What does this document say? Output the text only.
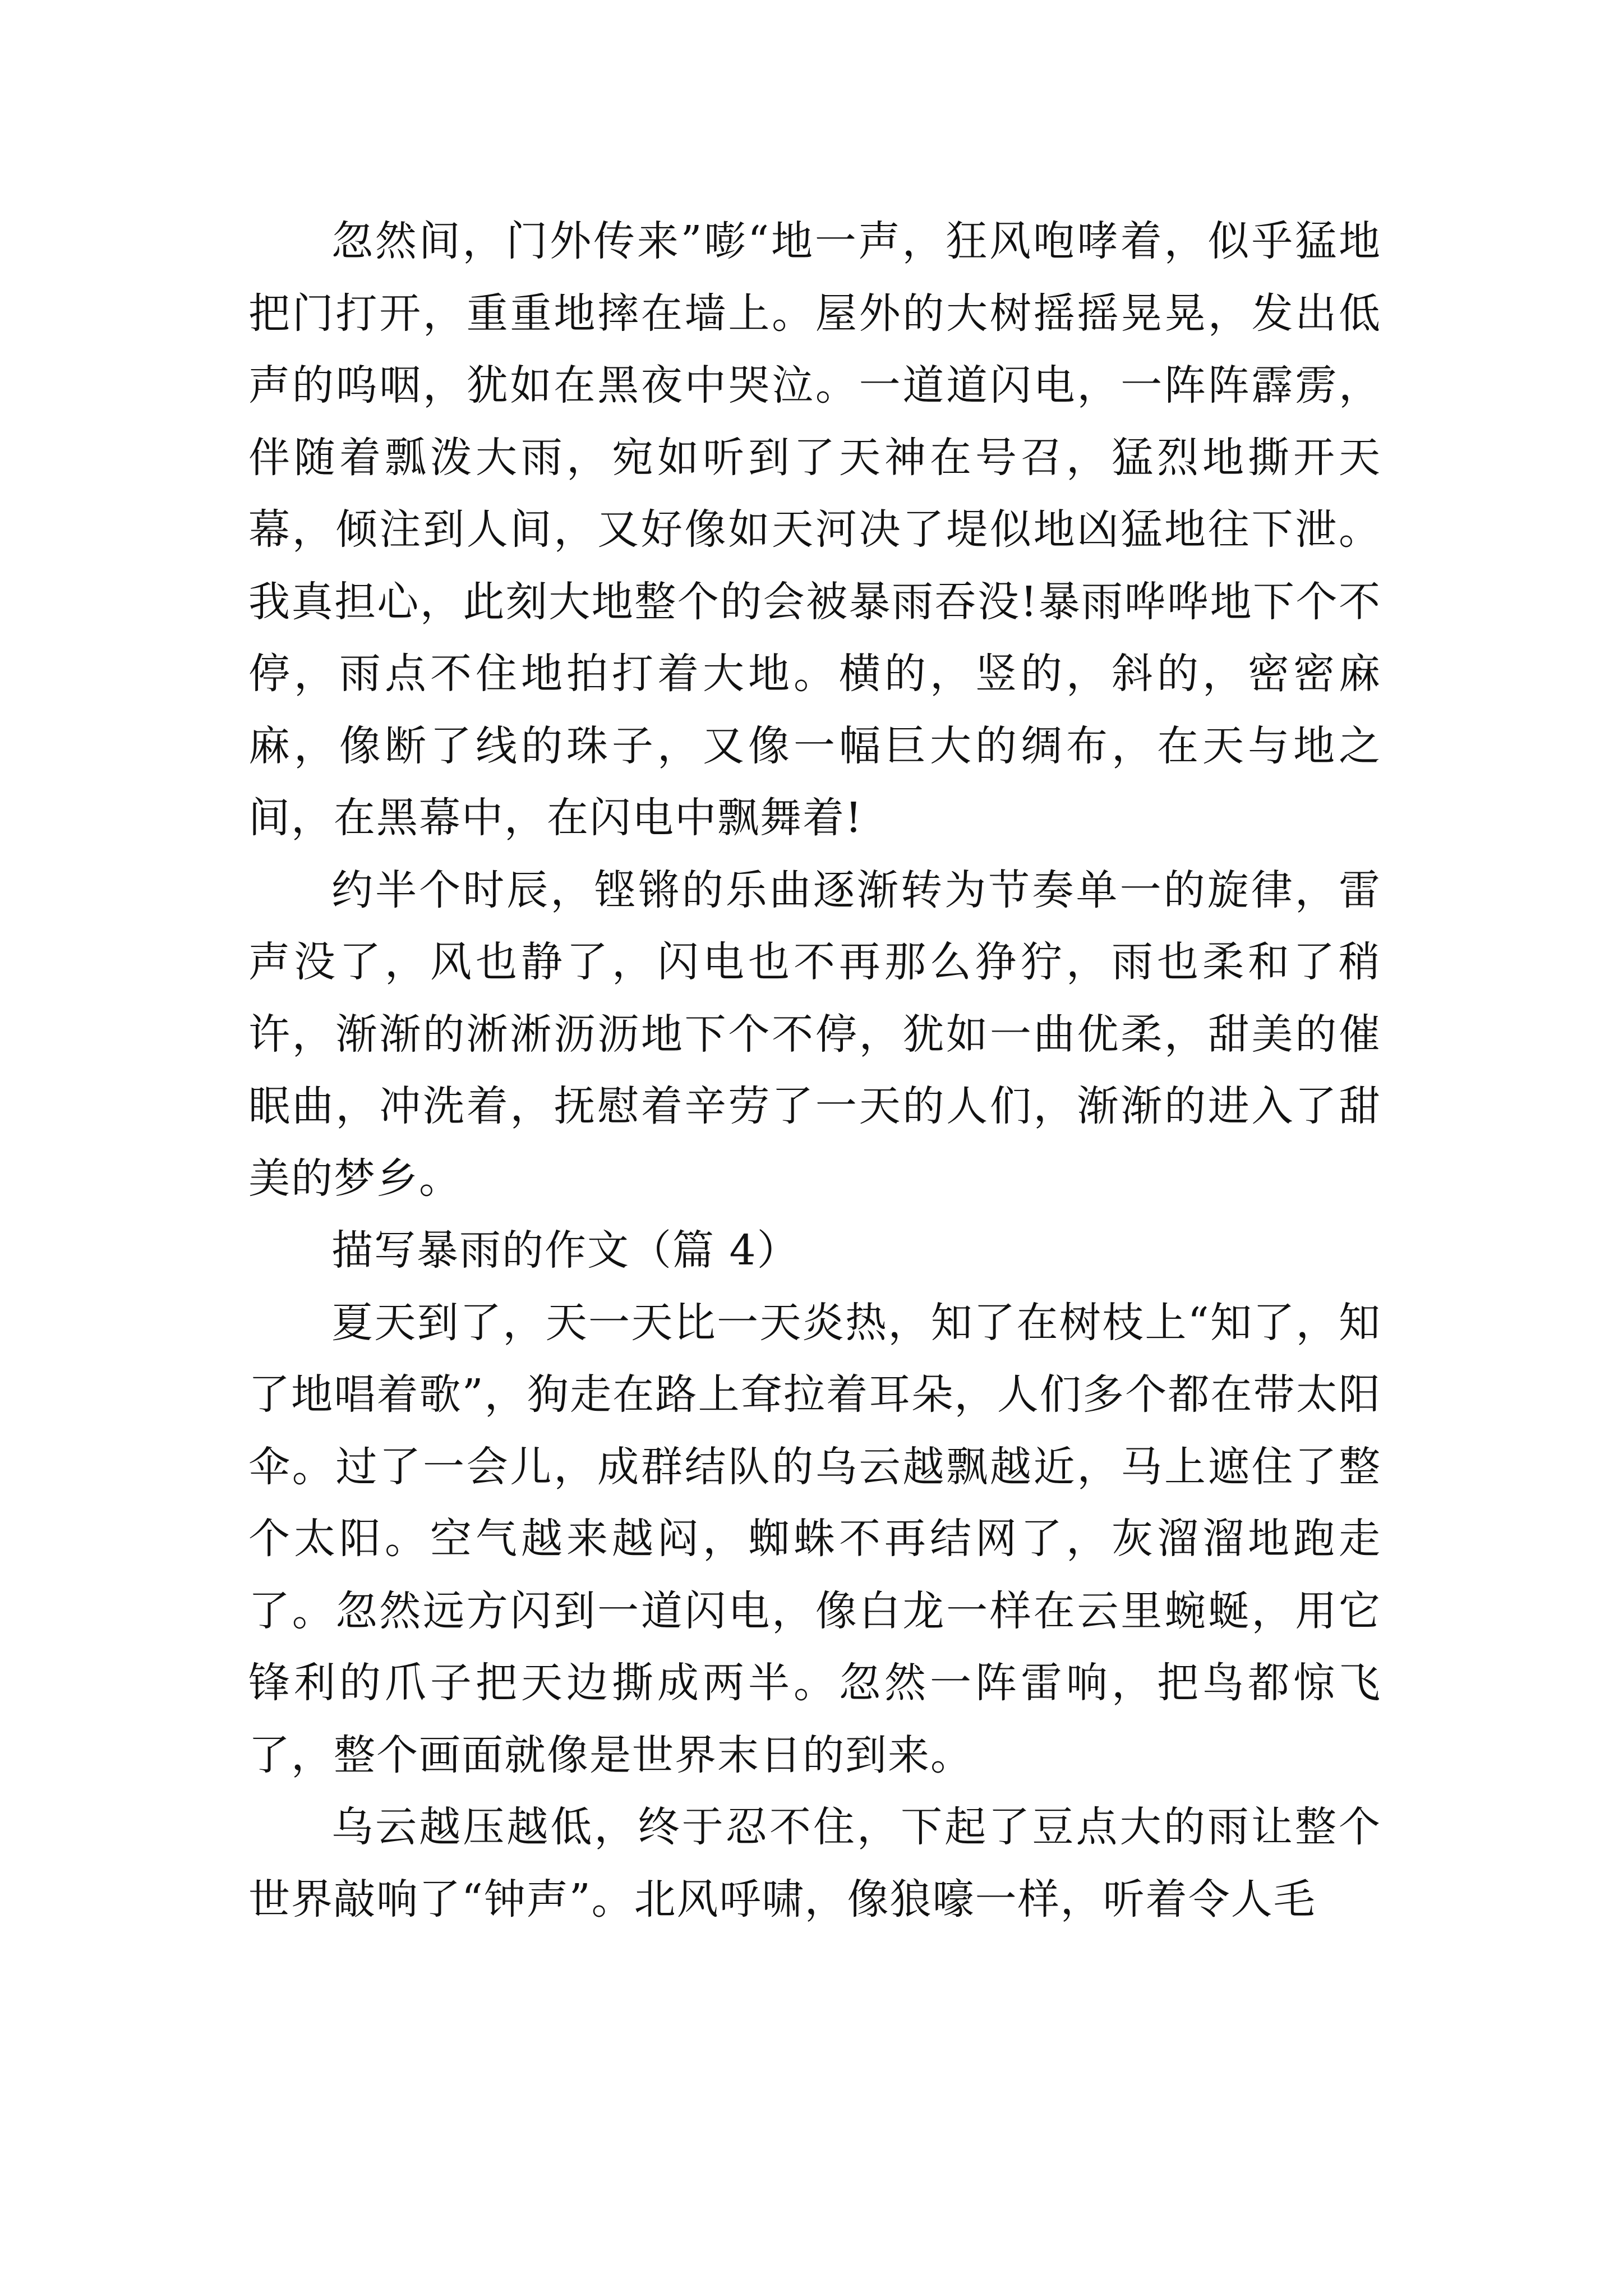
忽然间，门外传来”嘭“地一声，狂风咆哮着，似乎猛地把门打开，重重地摔在墙上。屋外的大树摇摇晃晃，发出低声的呜咽，犹如在黑夜中哭泣。一道道闪电，一阵阵霹雳，伴随着瓢泼大雨，宛如听到了天神在号召，猛烈地撕开天幕，倾注到人间，又好像如天河决了堤似地凶猛地往下泄。我真担心，此刻大地整个的会被暴雨吞没!暴雨哗哗地下个不停，雨点不住地拍打着大地。横的，竖的，斜的，密密麻麻，像断了线的珠子，又像一幅巨大的绸布，在天与地之间，在黑幕中，在闪电中飘舞着!

约半个时辰，铿锵的乐曲逐渐转为节奏单一的旋律，雷声没了，风也静了，闪电也不再那么狰狞，雨也柔和了稍许，渐渐的淅淅沥沥地下个不停，犹如一曲优柔，甜美的催眠曲，冲洗着，抚慰着辛劳了一天的人们，渐渐的进入了甜美的梦乡。

描写暴雨的作文（篇 4）

夏天到了，天一天比一天炎热，知了在树枝上“知了，知了地唱着歌”，狗走在路上耷拉着耳朵，人们多个都在带太阳伞。过了一会儿，成群结队的乌云越飘越近，马上遮住了整个太阳。空气越来越闷，蜘蛛不再结网了，灰溜溜地跑走了。忽然远方闪到一道闪电，像白龙一样在云里蜿蜒，用它锋利的爪子把天边撕成两半。忽然一阵雷响，把鸟都惊飞了，整个画面就像是世界末日的到来。

乌云越压越低，终于忍不住，下起了豆点大的雨让整个世界敲响了“钟声”。北风呼啸，像狼嚎一样，听着令人毛
